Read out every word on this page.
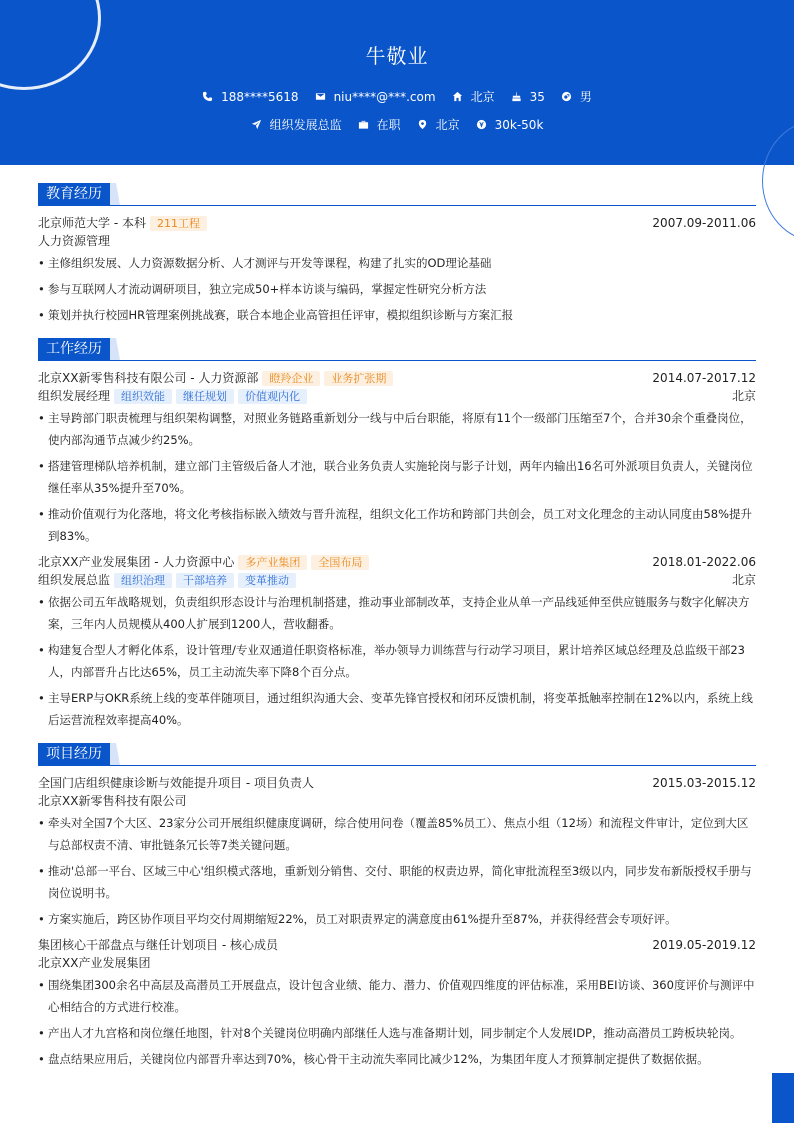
牛敬业
188****5618	niu****@***.com	北京	35	男
组织发展总监	在职	北京	30k-50k
教育经历
北京师范大学 - 本科	211工程	2007.09-2011.06
人力资源管理
• 主修组织发展、人力资源数据分析、人才测评与开发等课程，构建了扎实的OD理论基础
• 参与互联网人才流动调研项目，独立完成50+样本访谈与编码，掌握定性研究分析方法
• 策划并执行校园HR管理案例挑战赛，联合本地企业高管担任评审，模拟组织诊断与方案汇报
工作经历
北京XX新零售科技有限公司 - 人力资源部	瞪羚企业	业务扩张期	2014.07-2017.12
组织发展经理	组织效能	继任规划	价值观内化	北京
• 主导跨部门职责梳理与组织架构调整，对照业务链路重新划分一线与中后台职能，将原有11个一级部门压缩至7个，合并30余个重叠岗位，使内部沟通节点减少约25%。
• 搭建管理梯队培养机制，建立部门主管级后备人才池，联合业务负责人实施轮岗与影子计划，两年内输出16名可外派项目负责人，关键岗位继任率从35%提升至70%。
• 推动价值观行为化落地，将文化考核指标嵌入绩效与晋升流程，组织文化工作坊和跨部门共创会，员工对文化理念的主动认同度由58%提升到83%。
北京XX产业发展集团 - 人力资源中心	多产业集团	全国布局	2018.01-2022.06
组织发展总监	组织治理	干部培养	变革推动	北京
• 依据公司五年战略规划，负责组织形态设计与治理机制搭建，推动事业部制改革，支持企业从单一产品线延伸至供应链服务与数字化解决方案，三年内人员规模从400人扩展到1200人，营收翻番。
• 构建复合型人才孵化体系，设计管理/专业双通道任职资格标准，举办领导力训练营与行动学习项目，累计培养区域总经理及总监级干部23人，内部晋升占比达65%，员工主动流失率下降8个百分点。
• 主导ERP与OKR系统上线的变革伴随项目，通过组织沟通大会、变革先锋官授权和闭环反馈机制，将变革抵触率控制在12%以内，系统上线后运营流程效率提高40%。
项目经历
全国门店组织健康诊断与效能提升项目 - 项目负责人	2015.03-2015.12
北京XX新零售科技有限公司
• 牵头对全国7个大区、23家分公司开展组织健康度调研，综合使用问卷（覆盖85%员工）、焦点小组（12场）和流程文件审计，定位到大区与总部权责不清、审批链条冗长等7类关键问题。
• 推动'总部一平台、区域三中心'组织模式落地，重新划分销售、交付、职能的权责边界，简化审批流程至3级以内，同步发布新版授权手册与岗位说明书。
• 方案实施后，跨区协作项目平均交付周期缩短22%，员工对职责界定的满意度由61%提升至87%，并获得经营会专项好评。
集团核心干部盘点与继任计划项目 - 核心成员	2019.05-2019.12
北京XX产业发展集团
• 围绕集团300余名中高层及高潜员工开展盘点，设计包含业绩、能力、潜力、价值观四维度的评估标准，采用BEI访谈、360度评价与测评中心相结合的方式进行校准。
• 产出人才九宫格和岗位继任地图，针对8个关键岗位明确内部继任人选与准备期计划，同步制定个人发展IDP，推动高潜员工跨板块轮岗。
• 盘点结果应用后，关键岗位内部晋升率达到70%，核心骨干主动流失率同比减少12%，为集团年度人才预算制定提供了数据依据。
